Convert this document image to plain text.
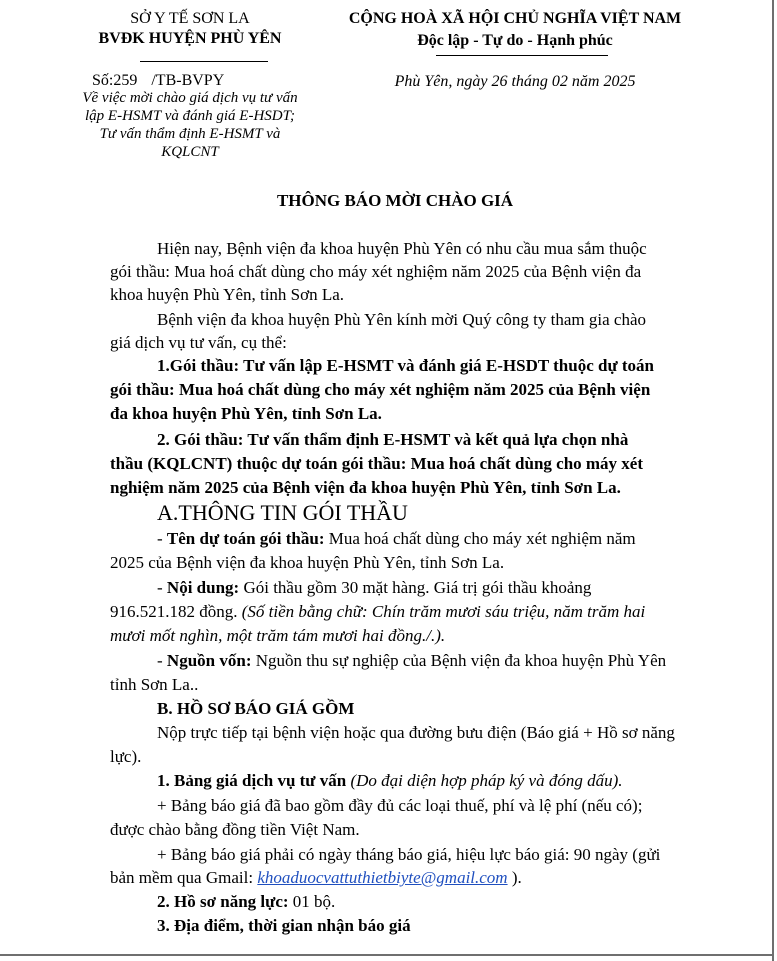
SỞ Y TẾ SƠN LA
BVĐK HUYỆN PHÙ YÊN
Số:259 /TB-BVPY
Về việc mời chào giá dịch vụ tư vấn
lập E-HSMT và đánh giá E-HSDT;
Tư vấn thẩm định E-HSMT và
KQLCNT
CỘNG HOÀ XÃ HỘI CHỦ NGHĨA VIỆT NAM
Độc lập - Tự do - Hạnh phúc
Phù Yên, ngày 26 tháng 02 năm 2025
THÔNG BÁO MỜI CHÀO GIÁ
Hiện nay, Bệnh viện đa khoa huyện Phù Yên có nhu cầu mua sắm thuộc
gói thầu: Mua hoá chất dùng cho máy xét nghiệm năm 2025 của Bệnh viện đa
khoa huyện Phù Yên, tỉnh Sơn La.
Bệnh viện đa khoa huyện Phù Yên kính mời Quý công ty tham gia chào
giá dịch vụ tư vấn, cụ thể:
1.Gói thầu: Tư vấn lập E-HSMT và đánh giá E-HSDT thuộc dự toán
gói thầu: Mua hoá chất dùng cho máy xét nghiệm năm 2025 của Bệnh viện
đa khoa huyện Phù Yên, tỉnh Sơn La.
2. Gói thầu: Tư vấn thẩm định E-HSMT và kết quả lựa chọn nhà
thầu (KQLCNT) thuộc dự toán gói thầu: Mua hoá chất dùng cho máy xét
nghiệm năm 2025 của Bệnh viện đa khoa huyện Phù Yên, tỉnh Sơn La.
A.THÔNG TIN GÓI THẦU
- Tên dự toán gói thầu: Mua hoá chất dùng cho máy xét nghiệm năm
2025 của Bệnh viện đa khoa huyện Phù Yên, tỉnh Sơn La.
- Nội dung: Gói thầu gồm 30 mặt hàng. Giá trị gói thầu khoảng
916.521.182 đồng. (Số tiền bằng chữ: Chín trăm mươi sáu triệu, năm trăm hai
mươi mốt nghìn, một trăm tám mươi hai đồng./.).
- Nguồn vốn: Nguồn thu sự nghiệp của Bệnh viện đa khoa huyện Phù Yên
tỉnh Sơn La..
B. HỒ SƠ BÁO GIÁ GỒM
Nộp trực tiếp tại bệnh viện hoặc qua đường bưu điện (Báo giá + Hồ sơ năng
lực).
1. Bảng giá dịch vụ tư vấn (Do đại diện hợp pháp ký và đóng dấu).
+ Bảng báo giá đã bao gồm đầy đủ các loại thuế, phí và lệ phí (nếu có);
được chào bằng đồng tiền Việt Nam.
+ Bảng báo giá phải có ngày tháng báo giá, hiệu lực báo giá: 90 ngày (gửi
bản mềm qua Gmail: khoaduocvattuthietbiyte@gmail.com ).
2. Hồ sơ năng lực: 01 bộ.
3. Địa điểm, thời gian nhận báo giá
